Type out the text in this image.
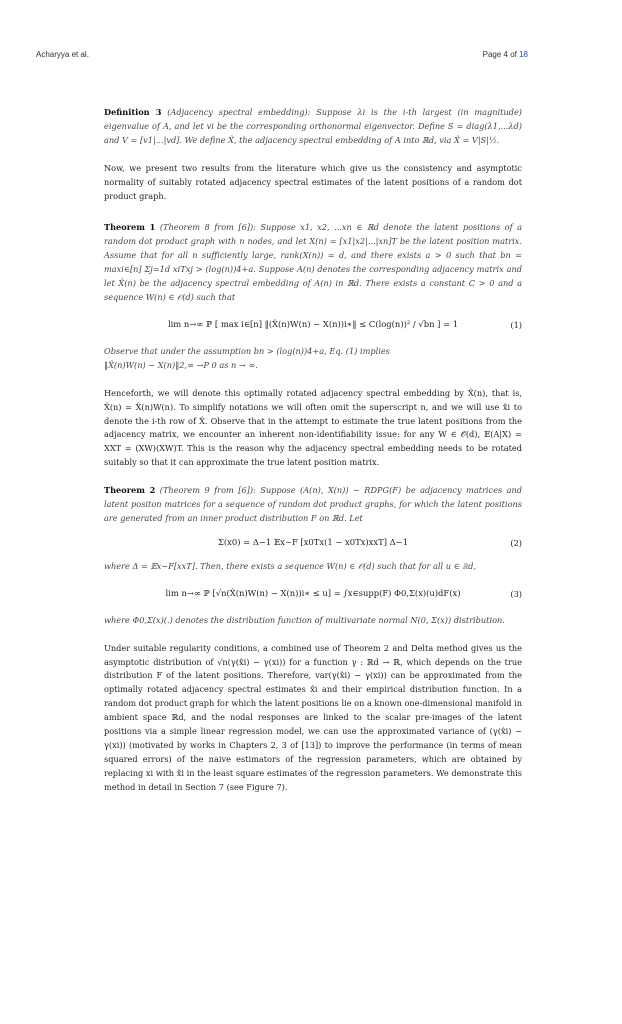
Acharyya et al.	Page 4 of 18

Definition 3 (Adjacency spectral embedding): Suppose λi is the i-th largest (in magnitude) eigenvalue of A, and let vi be the corresponding orthonormal eigenvector. Define S = diag(λ1,...λd) and V = [v1|...|vd]. We define X̂, the adjacency spectral embedding of A into ℝd, via X̂ = V|S|½.

Now, we present two results from the literature which give us the consistency and asymptotic normality of suitably rotated adjacency spectral estimates of the latent positions of a random dot product graph.

Theorem 1 (Theorem 8 from [6]): Suppose x1, x2, ...xn ∈ ℝd denote the latent positions of a random dot product graph with n nodes, and let X(n) = [x1|x2|...|xn]T be the latent position matrix. Assume that for all n sufficiently large, rank(X(n)) = d, and there exists a > 0 such that bn = maxi∈[n] Σj=1d xiTxj > (log(n))4+a. Suppose A(n) denotes the corresponding adjacency matrix and let X̂(n) be the adjacency spectral embedding of A(n) in ℝd. There exists a constant C > 0 and a sequence W(n) ∈ 𝒪(d) such that

lim n→∞ ℙ [ max i∈[n] ‖(X̂(n)W(n) − X(n))i∗‖ ≤ C(log(n))² / √bn ] = 1	(1)

Observe that under the assumption bn > (log(n))4+a, Eq. (1) implies

‖X̂(n)W(n) − X(n)‖2,∞ →P 0 as n → ∞.

Henceforth, we will denote this optimally rotated adjacency spectral embedding by X̂(n), that is, X̂(n) = X̂(n)W(n). To simplify notations we will often omit the superscript n, and we will use x̂i to denote the i-th row of X̂. Observe that in the attempt to estimate the true latent positions from the adjacency matrix, we encounter an inherent non-identifiability issue: for any W ∈ 𝒪(d), 𝔼(A|X) = XXT = (XW)(XW)T. This is the reason why the adjacency spectral embedding needs to be rotated suitably so that it can approximate the true latent position matrix.

Theorem 2 (Theorem 9 from [6]): Suppose (A(n), X(n)) ∼ RDPG(F) be adjacency matrices and latent positon matrices for a sequence of random dot product graphs, for which the latent positions are generated from an inner product distribution F on ℝd. Let

Σ(x0) = Δ−1 𝔼x∼F [x0Tx(1 − x0Tx)xxT] Δ−1	(2)

where Δ = 𝔼x∼F[xxT]. Then, there exists a sequence W(n) ∈ 𝒪(d) such that for all u ∈ ℝd,

lim n→∞ ℙ [√n(X̂(n)W(n) − X(n))i∗ ≤ u] = ∫x∈supp(F) Φ0,Σ(x)(u)dF(x)	(3)

where Φ0,Σ(x)(.) denotes the distribution function of multivariate normal N(0, Σ(x)) distribution.

Under suitable regularity conditions, a combined use of Theorem 2 and Delta method gives us the asymptotic distribution of √n(γ(x̂i) − γ(xi)) for a function γ : ℝd → ℝ, which depends on the true distribution F of the latent positions. Therefore, var(γ(x̂i) − γ(xi)) can be approximated from the optimally rotated adjacency spectral estimates x̂i and their empirical distribution function. In a random dot product graph for which the latent positions lie on a known one-dimensional manifold in ambient space ℝd, and the nodal responses are linked to the scalar pre-images of the latent positions via a simple linear regression model, we can use the approximated variance of (γ(x̂i) − γ(xi)) (motivated by works in Chapters 2, 3 of [13]) to improve the performance (in terms of mean squared errors) of the naive estimators of the regression parameters, which are obtained by replacing xi with x̂i in the least square estimates of the regression parameters. We demonstrate this method in detail in Section 7 (see Figure 7).
